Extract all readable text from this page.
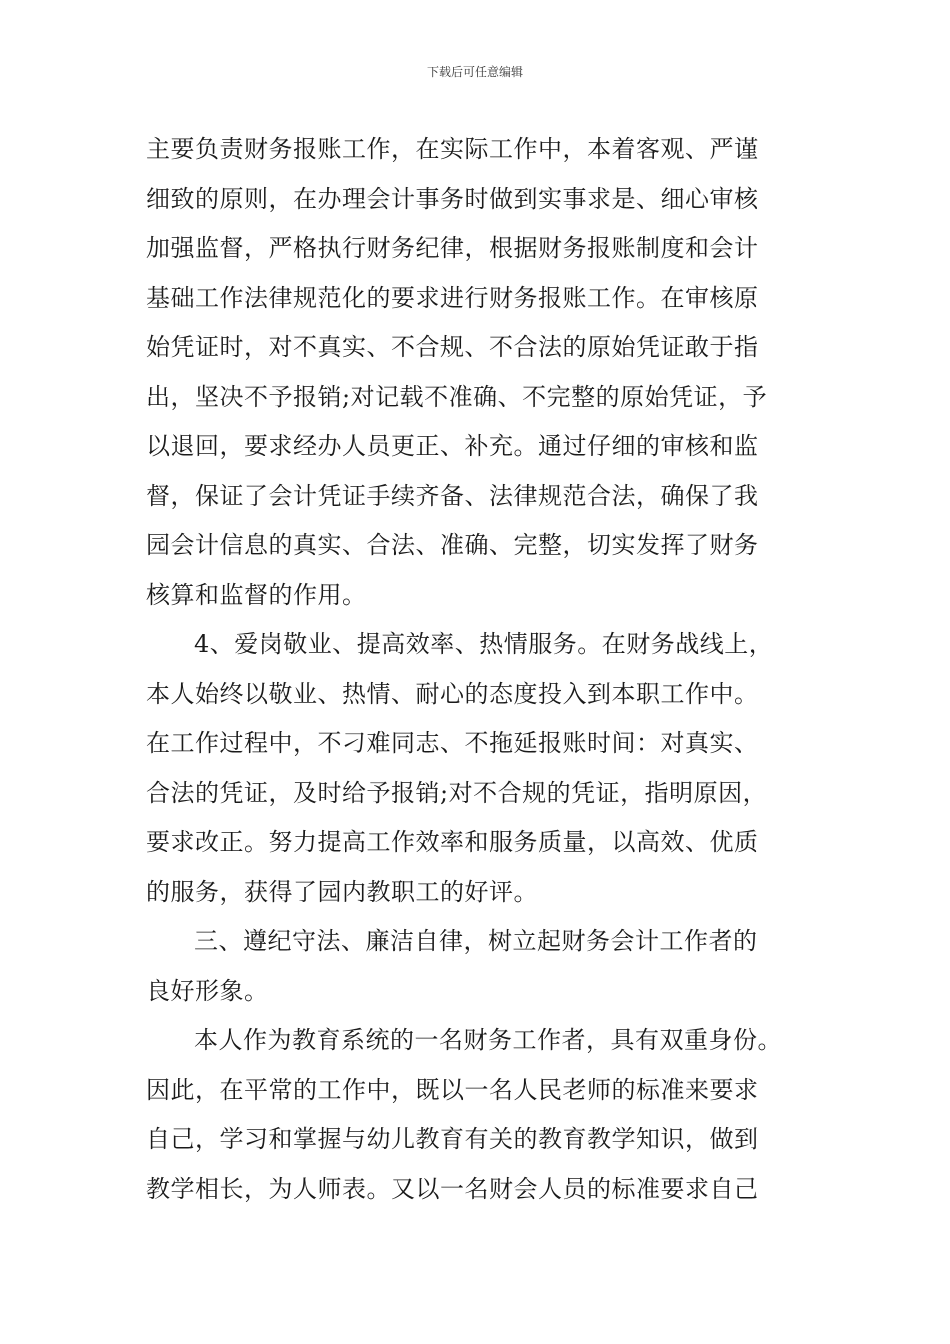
下载后可任意编辑
主要负责财务报账工作，在实际工作中，本着客观、严谨
细致的原则，在办理会计事务时做到实事求是、细心审核
加强监督，严格执行财务纪律，根据财务报账制度和会计
基础工作法律规范化的要求进行财务报账工作。在审核原
始凭证时，对不真实、不合规、不合法的原始凭证敢于指
出，坚决不予报销;对记载不准确、不完整的原始凭证，予
以退回，要求经办人员更正、补充。通过仔细的审核和监
督，保证了会计凭证手续齐备、法律规范合法，确保了我
园会计信息的真实、合法、准确、完整，切实发挥了财务
核算和监督的作用。
4、爱岗敬业、提高效率、热情服务。在财务战线上，
本人始终以敬业、热情、耐心的态度投入到本职工作中。
在工作过程中，不刁难同志、不拖延报账时间：对真实、
合法的凭证，及时给予报销;对不合规的凭证，指明原因，
要求改正。努力提高工作效率和服务质量，以高效、优质
的服务，获得了园内教职工的好评。
三、遵纪守法、廉洁自律，树立起财务会计工作者的
良好形象。
本人作为教育系统的一名财务工作者，具有双重身份。
因此，在平常的工作中，既以一名人民老师的标准来要求
自己，学习和掌握与幼儿教育有关的教育教学知识，做到
教学相长，为人师表。又以一名财会人员的标准要求自己
